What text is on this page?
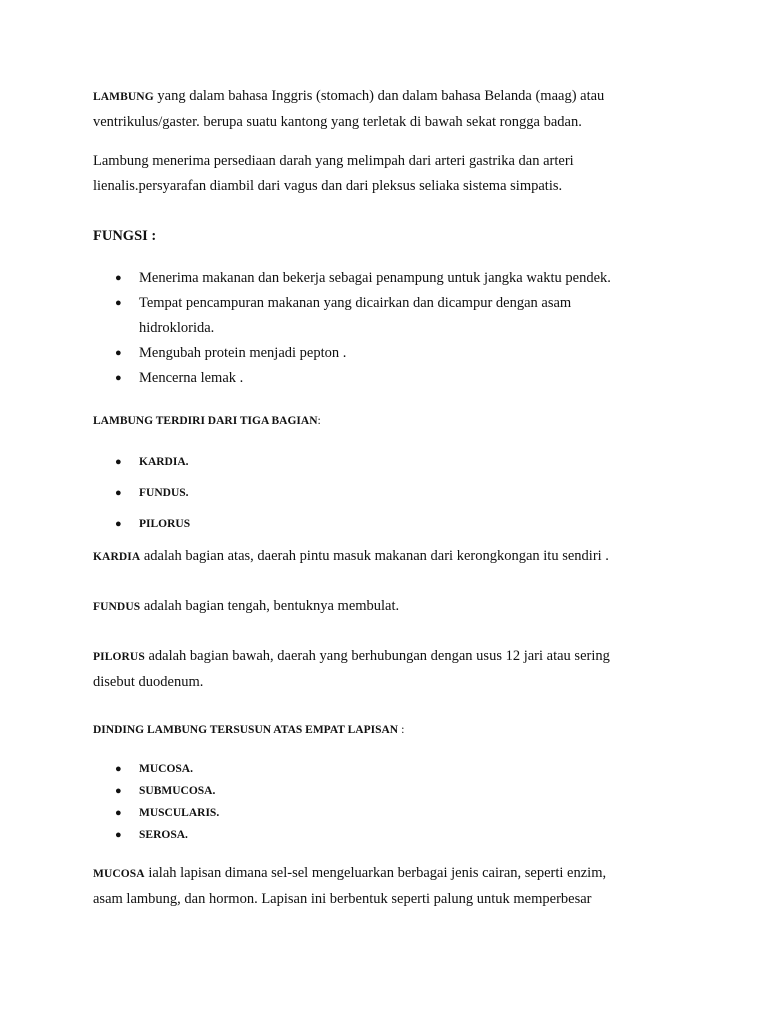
LAMBUNG yang dalam bahasa Inggris (stomach) dan dalam bahasa Belanda (maag) atau
ventrikulus/gaster. berupa suatu kantong yang terletak di bawah sekat rongga badan.

Lambung menerima persediaan darah yang melimpah dari arteri gastrika dan arteri
lienalis.persyarafan diambil dari vagus dan dari pleksus seliaka sistema simpatis.

FUNGSI :
● Menerima makanan dan bekerja sebagai penampung untuk jangka waktu pendek.
● Tempat pencampuran makanan yang dicairkan dan dicampur dengan asam
hidroklorida.
● Mengubah protein menjadi pepton .
● Mencerna lemak .
LAMBUNG TERDIRI DARI TIGA BAGIAN:
● KARDIA.
● FUNDUS.
● PILORUS

KARDIA adalah bagian atas, daerah pintu masuk makanan dari kerongkongan itu sendiri .

FUNDUS adalah bagian tengah, bentuknya membulat.

PILORUS adalah bagian bawah, daerah yang berhubungan dengan usus 12 jari atau sering
disebut duodenum.

DINDING LAMBUNG TERSUSUN ATAS EMPAT LAPISAN :
● MUCOSA.
● SUBMUCOSA.
● MUSCULARIS.
● SEROSA.

MUCOSA ialah lapisan dimana sel-sel mengeluarkan berbagai jenis cairan, seperti enzim,
asam lambung, dan hormon. Lapisan ini berbentuk seperti palung untuk memperbesar
